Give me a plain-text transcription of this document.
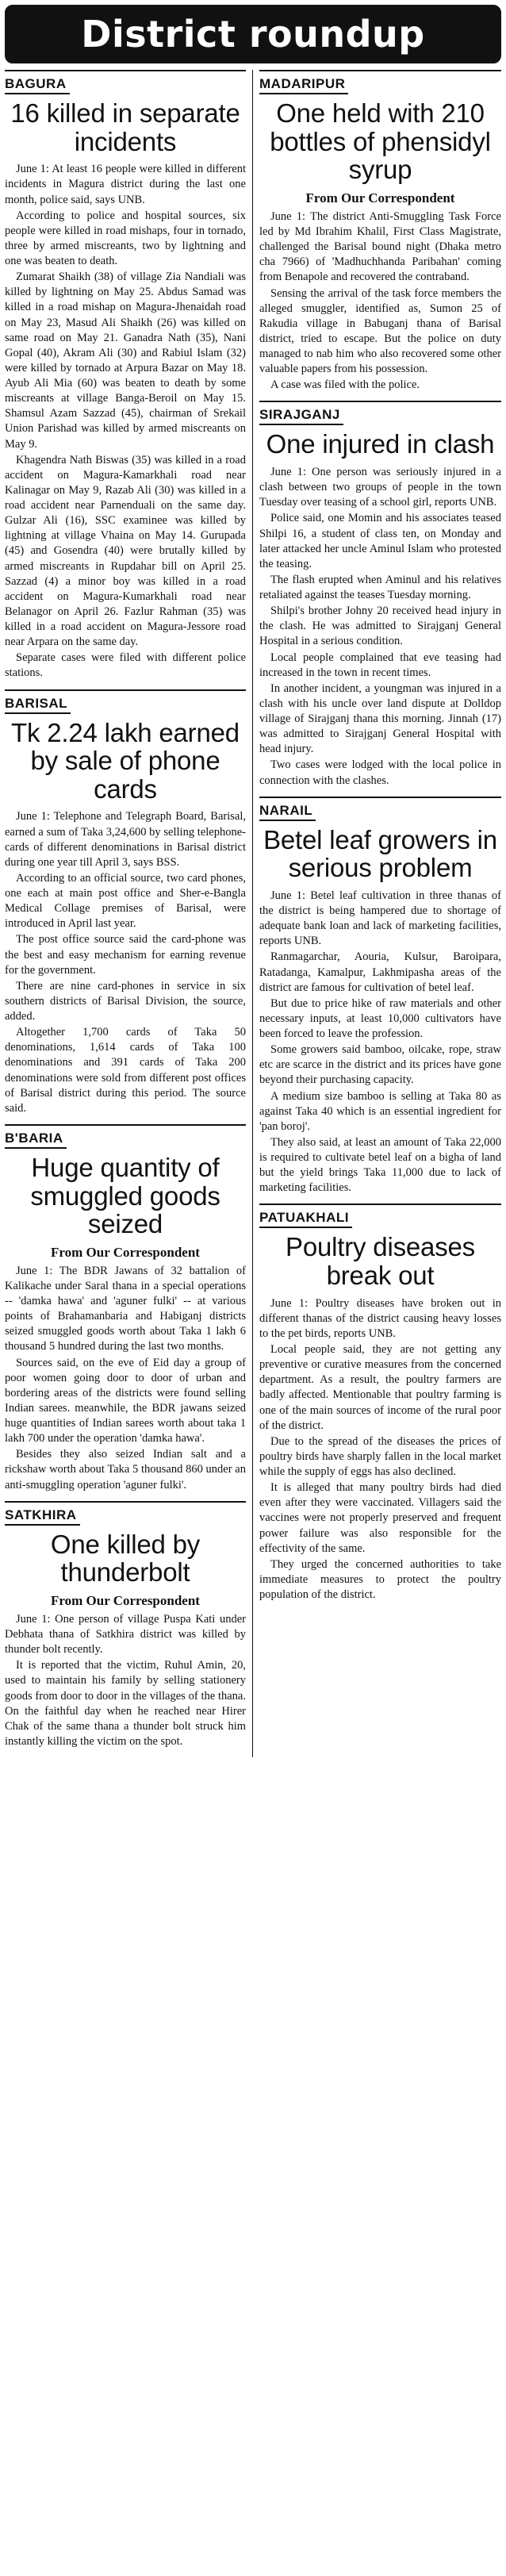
District roundup
BAGURA
16 killed in separate incidents

June 1: At least 16 people were killed in different incidents in Magura district during the last one month, police said, says UNB.

According to police and hospital sources, six people were killed in road mishaps, four in tornado, three by armed miscreants, two by lightning and one was beaten to death.

Zumarat Shaikh (38) of village Zia Nandiali was killed by lightning on May 25. Abdus Samad was killed in a road mishap on Magura-Jhenaidah road on May 23, Masud Ali Shaikh (26) was killed on same road on May 21. Ganadra Nath (35), Nani Gopal (40), Akram Ali (30) and Rabiul Islam (32) were killed by tornado at Arpura Bazar on May 18. Ayub Ali Mia (60) was beaten to death by some miscreants at village Banga-Beroil on May 15. Shamsul Azam Sazzad (45), chairman of Srekail Union Parishad was killed by armed miscreants on May 9.

Khagendra Nath Biswas (35) was killed in a road accident on Magura-Kamarkhali road near Kalinagar on May 9, Razab Ali (30) was killed in a road accident near Parnenduali on the same day. Gulzar Ali (16), SSC examinee was killed by lightning at village Vhaina on May 14. Gurupada (45) and Gosendra (40) were brutally killed by armed miscreants in Rupdahar bill on April 25. Sazzad (4) a minor boy was killed in a road accident on Magura-Kumarkhali road near Belanagor on April 26. Fazlur Rahman (35) was killed in a road accident on Magura-Jessore road near Arpara on the same day.

Separate cases were filed with different police stations.

BARISAL
Tk 2.24 lakh earned by sale of phone cards

June 1: Telephone and Telegraph Board, Barisal, earned a sum of Taka 3,24,600 by selling telephone-cards of different denominations in Barisal district during one year till April 3, says BSS.

According to an official source, two card phones, one each at main post office and Sher-e-Bangla Medical Collage premises of Barisal, were introduced in April last year.

The post office source said the card-phone was the best and easy mechanism for earning revenue for the government.

There are nine card-phones in service in six southern districts of Barisal Division, the source, added.

Altogether 1,700 cards of Taka 50 denominations, 1,614 cards of Taka 100 denominations and 391 cards of Taka 200 denominations were sold from different post offices of Barisal district during this period. The source said.

B'BARIA
Huge quantity of smuggled goods seized
From Our Correspondent

June 1: The BDR Jawans of 32 battalion of Kalikache under Saral thana in a special operations -- 'damka hawa' and 'aguner fulki' -- at various points of Brahamanbaria and Habiganj districts seized smuggled goods worth about Taka 1 lakh 6 thousand 5 hundred during the last two months.

Sources said, on the eve of Eid day a group of poor women going door to door of urban and bordering areas of the districts were found selling Indian sarees. meanwhile, the BDR jawans seized huge quantities of Indian sarees worth about taka 1 lakh 700 under the operation 'damka hawa'.

Besides they also seized Indian salt and a rickshaw worth about Taka 5 thousand 860 under an anti-smuggling operation 'aguner fulki'.

SATKHIRA
One killed by thunderbolt
From Our Correspondent

June 1: One person of village Puspa Kati under Debhata thana of Satkhira district was killed by thunder bolt recently.

It is reported that the victim, Ruhul Amin, 20, used to maintain his family by selling stationery goods from door to door in the villages of the thana. On the faithful day when he reached near Hirer Chak of the same thana a thunder bolt struck him instantly killing the victim on the spot.

MADARIPUR
One held with 210 bottles of phensidyl syrup
From Our Correspondent

June 1: The district Anti-Smuggling Task Force led by Md Ibrahim Khalil, First Class Magistrate, challenged the Barisal bound night (Dhaka metro cha 7966) of 'Madhuchhanda Paribahan' coming from Benapole and recovered the contraband.

Sensing the arrival of the task force members the alleged smuggler, identified as, Sumon 25 of Rakudia village in Babuganj thana of Barisal district, tried to escape. But the police on duty managed to nab him who also recovered some other valuable papers from his possession.

A case was filed with the police.

SIRAJGANJ
One injured in clash

June 1: One person was seriously injured in a clash between two groups of people in the town Tuesday over teasing of a school girl, reports UNB.

Police said, one Momin and his associates teased Shilpi 16, a student of class ten, on Monday and later attacked her uncle Aminul Islam who protested the teasing.

The flash erupted when Aminul and his relatives retaliated against the teases Tuesday morning.

Shilpi's brother Johny 20 received head injury in the clash. He was admitted to Sirajganj General Hospital in a serious condition.

Local people complained that eve teasing had increased in the town in recent times.

In another incident, a youngman was injured in a clash with his uncle over land dispute at Dolldop village of Sirajganj thana this morning. Jinnah (17) was admitted to Sirajganj General Hospital with head injury.

Two cases were lodged with the local police in connection with the clashes.

NARAIL
Betel leaf growers in serious problem

June 1: Betel leaf cultivation in three thanas of the district is being hampered due to shortage of adequate bank loan and lack of marketing facilities, reports UNB.

Ranmagarchar, Aouria, Kulsur, Baroipara, Ratadanga, Kamalpur, Lakhmipasha areas of the district are famous for cultivation of betel leaf.

But due to price hike of raw materials and other necessary inputs, at least 10,000 cultivators have been forced to leave the profession.

Some growers said bamboo, oilcake, rope, straw etc are scarce in the district and its prices have gone beyond their purchasing capacity.

A medium size bamboo is selling at Taka 80 as against Taka 40 which is an essential ingredient for 'pan boroj'.

They also said, at least an amount of Taka 22,000 is required to cultivate betel leaf on a bigha of land but the yield brings Taka 11,000 due to lack of marketing facilities.

PATUAKHALI
Poultry diseases break out

June 1: Poultry diseases have broken out in different thanas of the district causing heavy losses to the pet birds, reports UNB.

Local people said, they are not getting any preventive or curative measures from the concerned department. As a result, the poultry farmers are badly affected. Mentionable that poultry farming is one of the main sources of income of the rural poor of the district.

Due to the spread of the diseases the prices of poultry birds have sharply fallen in the local market while the supply of eggs has also declined.

It is alleged that many poultry birds had died even after they were vaccinated. Villagers said the vaccines were not properly preserved and frequent power failure was also responsible for the effectivity of the same.

They urged the concerned authorities to take immediate measures to protect the poultry population of the district.
